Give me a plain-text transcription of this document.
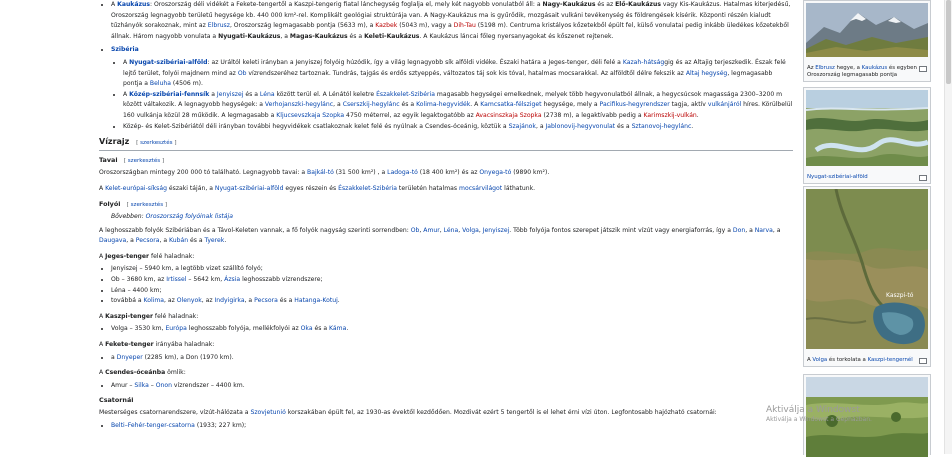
• A Kaukázus: Oroszország déli vidékét a Fekete-tengertől a Kaszpi-tengerig fiatal lánchegység foglalja el, mely két nagyobb vonulatból áll: a Nagy-Kaukázus és az Elő-Kaukázus vagy Kis-Kaukázus. Hatalmas kiterjedésű, Oroszország legnagyobb területű hegysége kb. 440 000 km²-rel. Komplikált geológiai struktúrája van. A Nagy-Kaukázus ma is gyűrődik, mozgásait vulkáni tevékenység és földrengések kísérik. Központi részén kialudt tűzhányók sorakoznak, mint az Elbrusz, Oroszország legmagasabb pontja (5633 m), a Kazbek (5043 m), vagy a Dih-Tau (5198 m). Centruma kristályos kőzetekből épült fel, külső vonulatai pedig inkább üledékes kőzetekből állnak. Három nagyobb vonulata a Nyugati-Kaukázus, a Magas-Kaukázus és a Keleti-Kaukázus. A Kaukázus láncai főleg nyersanyagokat és kőszenet rejtenek.
• Szibéria
• A Nyugat-szibériai-alföld: az Uráltól keleti irányban a Jenyiszej folyóig húzódik, így a világ legnagyobb sík alföldi vidéke. Északi határa a Jeges-tenger, déli felé a Kazah-hátsággig és az Altajig terjeszkedik. Észak felé lejtő terület, folyói majdnem mind az Ob vízrendszeréhez tartoznak. Tundrás, tajgás és erdős sztyeppés, változatos táj sok kis tóval, hatalmas mocsarakkal. Az alföldtől délre fekszik az Altaj hegység, legmagasabb pontja a Beluha (4506 m).
• A Közép-szibériai-fennsík a Jenyiszej és a Léna között terül el. A Lénától keletre Északkelet-Szibéria magasabb hegységei emelkednek, melyek több hegyvonulatból állnak, a hegycsúcsok magassága 2300–3200 m között váltakozik. A legnagyobb hegységek: a Verhojanszki-hegylánc, a Cserszkij-hegylánc és a Kolima-hegyvidék. A Kamcsatka-félsziget hegysége, mely a Pacifikus-hegyrendszer tagja, aktív vulkánjáról híres. Körülbelül 160 vulkánja közül 28 működik. A legmagasabb a Kljucsevszkaja Szopka 4750 méterrel, az egyik legaktogatóbb az Avacsinszkaja Szopka (2738 m), a legaktívabb pedig a Karimszkij-vulkán.
• Közép- és Kelet-Szibériától déli irányban további hegyvidékek csatlakoznak kelet felé és nyúlnak a Csendes-óceánig, köztük a Szajánok, a Jablonovij-hegyvonulat és a Sztanovoj-hegylánc.
Vízrajz [ szerkesztés ]
Tavai [ szerkesztés ]

Oroszországban mintegy 200 000 tó található. Legnagyobb tavai: a Bajkál-tó (31 500 km²) , a Ladoga-tó (18 400 km²) és az Onyega-tó (9890 km²).

A Kelet-európai-síkság északi táján, a Nyugat-szibériai-alföld egyes részein és Északkelet-Szibéria területén hatalmas mocsárvilágot láthatunk.

Folyói [ szerkesztés ]
Bővebben: Oroszország folyóinak listája

A leghosszabb folyók Szibériában és a Távol-Keleten vannak, a fő folyók nagyság szerinti sorrendben: Ob, Amur, Léna, Volga, Jenyiszej. Több folyója fontos szerepet játszik mint vízút vagy energiaforrás, így a Don, a Narva, a Daugava, a Pecsora, a Kubán és a Tyerek.

A Jeges-tenger felé haladnak:

• Jenyiszej – 5940 km, a legtöbb vizet szállító folyó;
• Ob – 3680 km, az Irtissel – 5642 km, Ázsia leghosszabb vízrendszere;
• Léna – 4400 km;
• továbbá a Kolima, az Olenyok, az Indyigirka, a Pecsora és a Hatanga-Kotuj.

A Kaszpi-tenger felé haladnak:

• Volga – 3530 km, Európa leghosszabb folyója, mellékfolyói az Oka és a Káma.

A Fekete-tenger irányába haladnak:

• a Dnyeper (2285 km), a Don (1970 km).

A Csendes-óceánba ömlik:

• Amur – Silka – Onon vízrendszer – 4400 km.
Csatornái

Mesterséges csatornarendszere, vízút-hálózata a Szovjetunió korszakában épült fel, az 1930-as évektől kezdődően. Mozdivát ezért 5 tengertől is el lehet érni vízi úton. Legfontosabb hajózható csatornái:

• Belti–Fehér-tenger-csatorna (1933; 227 km);
Az Elbrusz hegye, a Kaukázus és egyben Oroszország legmagasabb pontja
Nyugat-szibériai-alföld
Kaszpi-tó
A Volga és torkolata a Kaszpi-tengernél
Aktiválja a Windowst
Aktiválja a Windowst a Gépházban.
